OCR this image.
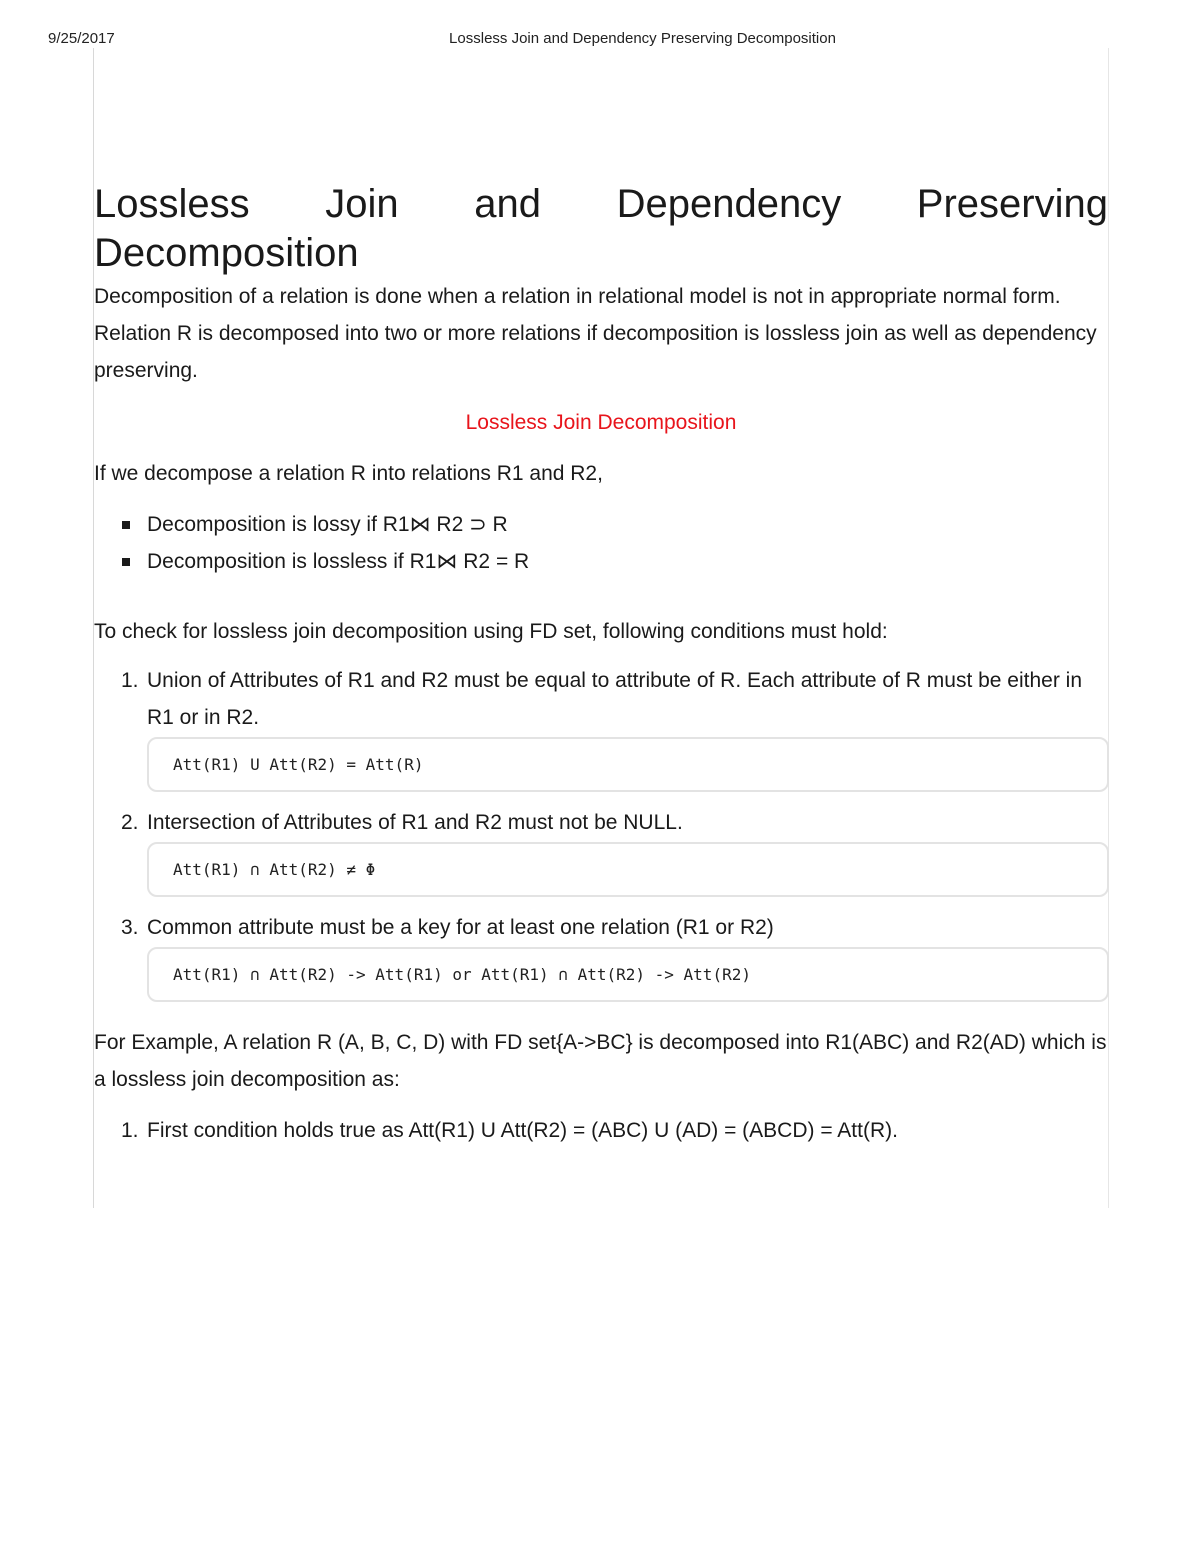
9/25/2017	Lossless Join and Dependency Preserving Decomposition
Lossless Join and Dependency Preserving Decomposition

Decomposition of a relation is done when a relation in relational model is not in appropriate normal form. Relation R is decomposed into two or more relations if decomposition is lossless join as well as dependency preserving.

Lossless Join Decomposition

If we decompose a relation R into relations R1 and R2,

Decomposition is lossy if R1⋈ R2 ⊃ R
Decomposition is lossless if R1⋈ R2 = R

To check for lossless join decomposition using FD set, following conditions must hold:

1. Union of Attributes of R1 and R2 must be equal to attribute of R. Each attribute of R must be either in R1 or in R2.
Att(R1) U Att(R2) = Att(R)
2. Intersection of Attributes of R1 and R2 must not be NULL.
Att(R1) ∩ Att(R2) ≠ Φ
3. Common attribute must be a key for at least one relation (R1 or R2)
Att(R1) ∩ Att(R2) -> Att(R1) or Att(R1) ∩ Att(R2) -> Att(R2)

For Example, A relation R (A, B, C, D) with FD set{A->BC} is decomposed into R1(ABC) and R2(AD) which is a lossless join decomposition as:

1. First condition holds true as Att(R1) U Att(R2) = (ABC) U (AD) = (ABCD) = Att(R).
